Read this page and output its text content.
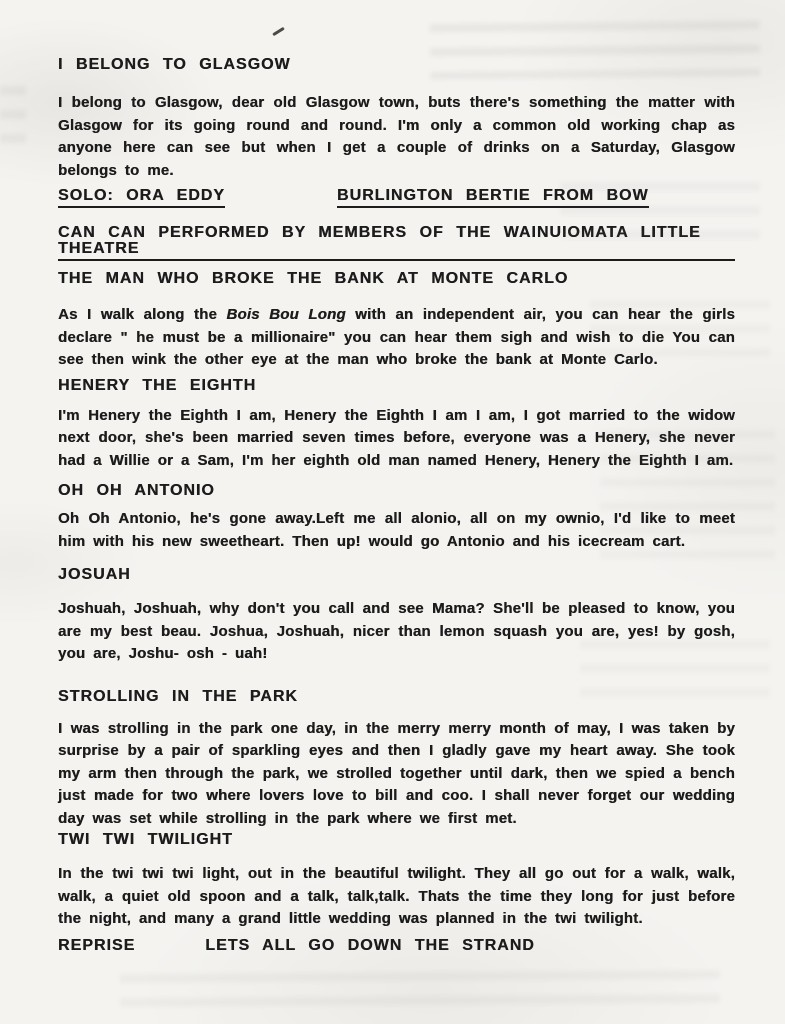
I BELONG TO GLASGOW

I belong to Glasgow, dear old Glasgow town, buts there's something the matter with Glasgow for its going round and round. I'm only a common old working chap as anyone here can see but when I get a couple of drinks on a Saturday, Glasgow belongs to me.

SOLO: ORA EDDY	BURLINGTON BERTIE FROM BOW
CAN CAN PERFORMED BY MEMBERS OF THE WAINUIOMATA LITTLE THEATRE
THE MAN WHO BROKE THE BANK AT MONTE CARLO

As I walk along the Bois Bou Long with an independent air, you can hear the girls declare " he must be a millionaire" you can hear them sigh and wish to die You can see then wink the other eye at the man who broke the bank at Monte Carlo.

HENERY THE EIGHTH

I'm Henery the Eighth I am, Henery the Eighth I am I am, I got married to the widow next door, she's been married seven times before, everyone was a Henery, she never had a Willie or a Sam, I'm her eighth old man named Henery, Henery the Eighth I am.

OH OH ANTONIO

Oh Oh Antonio, he's gone away.Left me all alonio, all on my ownio, I'd like to meet him with his new sweetheart. Then up! would go Antonio and his icecream cart.

JOSUAH

Joshuah, Joshuah, why don't you call and see Mama? She'll be pleased to know, you are my best beau. Joshua, Joshuah, nicer than lemon squash you are, yes! by gosh, you are, Joshu- osh - uah!

STROLLING IN THE PARK

I was strolling in the park one day, in the merry merry month of may, I was taken by surprise by a pair of sparkling eyes and then I gladly gave my heart away. She took my arm then through the park, we strolled together until dark, then we spied a bench just made for two where lovers love to bill and coo. I shall never forget our wedding day was set while strolling in the park where we first met.

TWI TWI TWILIGHT

In the twi twi twi light, out in the beautiful twilight. They all go out for a walk, walk, walk, a quiet old spoon and a talk, talk,talk. Thats the time they long for just before the night, and many a grand little wedding was planned in the twi twilight.

REPRISE	LETS ALL GO DOWN THE STRAND
